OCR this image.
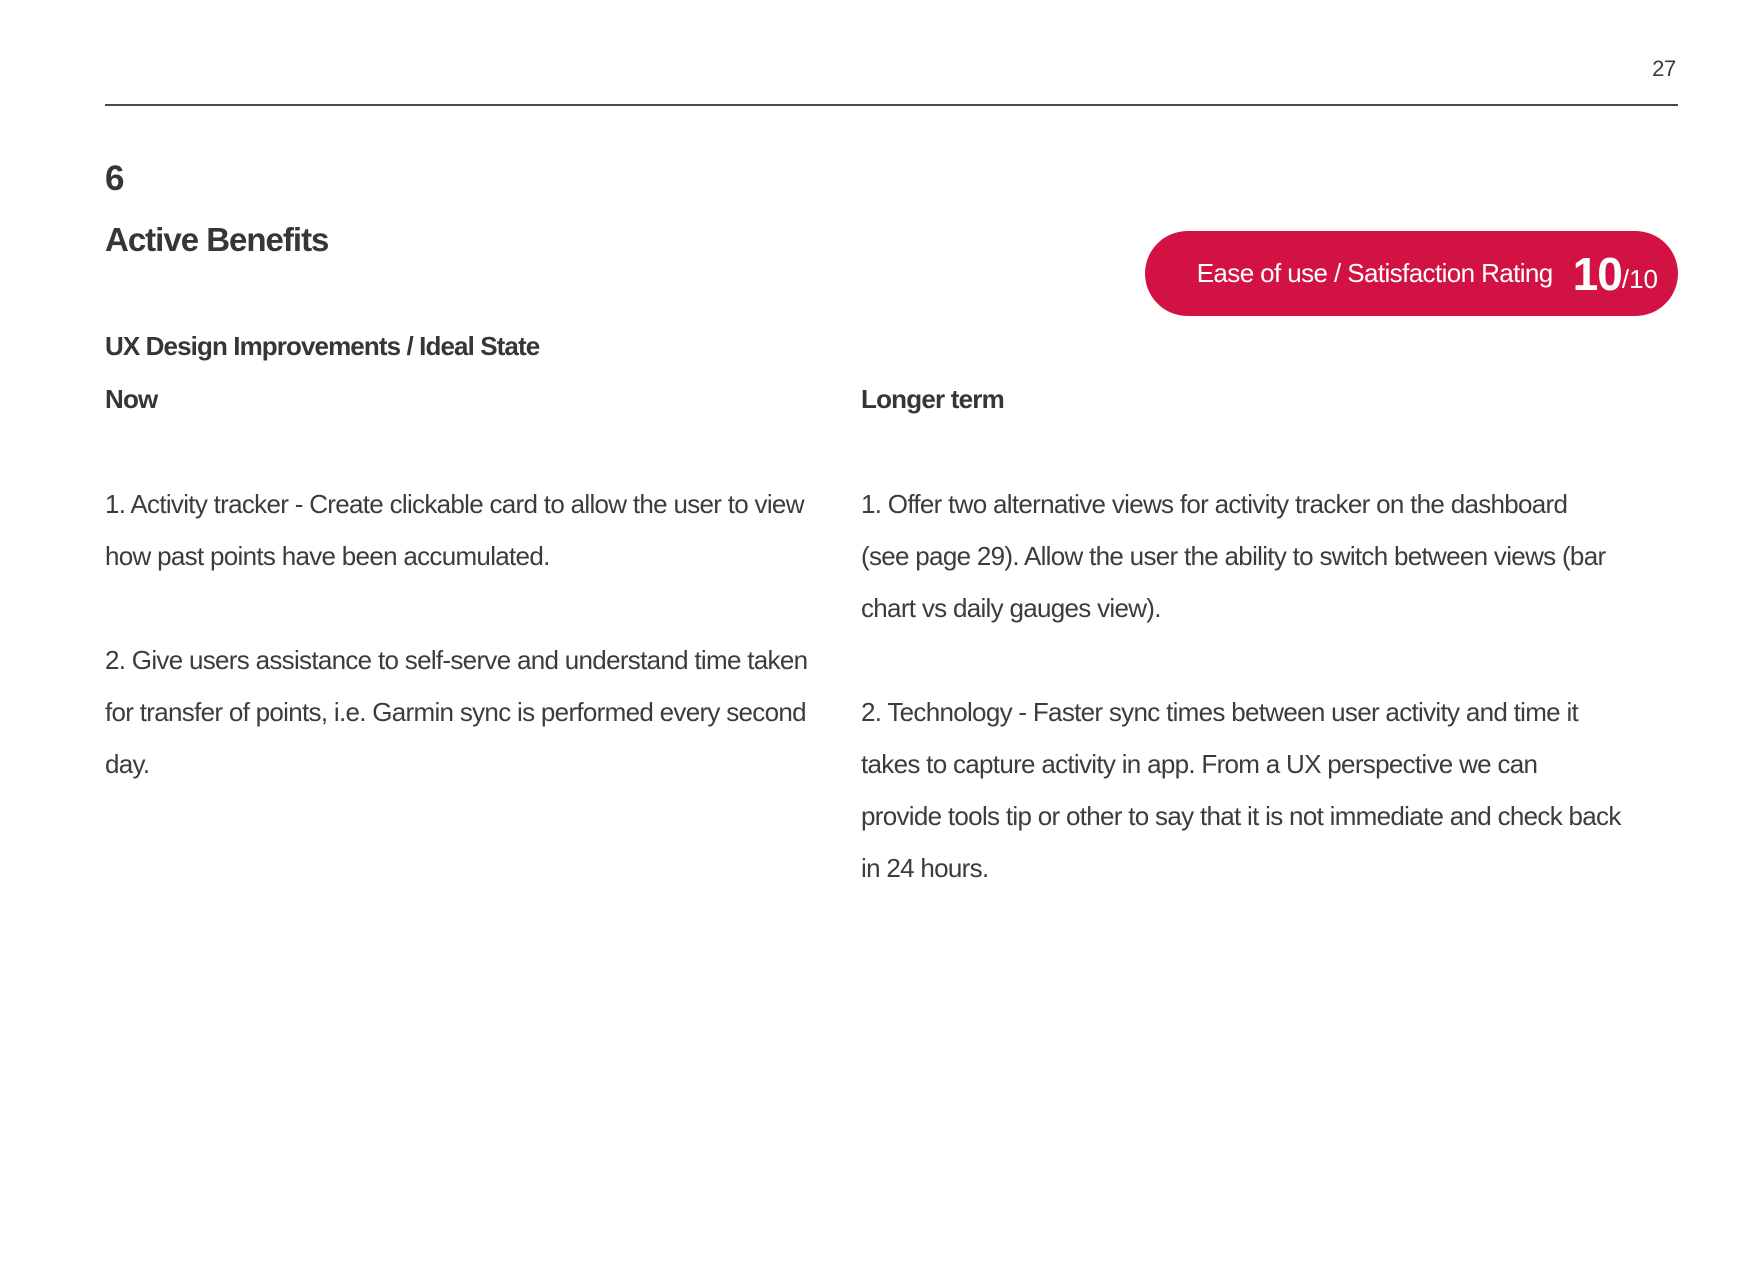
27
6
Active Benefits
Ease of use / Satisfaction Rating 10 /10
UX Design Improvements / Ideal State
Now	Longer term

1. Activity tracker - Create clickable card to allow the user to view how past points have been accumulated.

2. Give users assistance to self-serve and understand time taken for transfer of points, i.e. Garmin sync is performed every second day.

1. Offer two alternative views for activity tracker on the dashboard (see page 29). Allow the user the ability to switch between views (bar chart vs daily gauges view).

2. Technology - Faster sync times between user activity and time it takes to capture activity in app. From a UX perspective we can provide tools tip or other to say that it is not immediate and check back in 24 hours.
